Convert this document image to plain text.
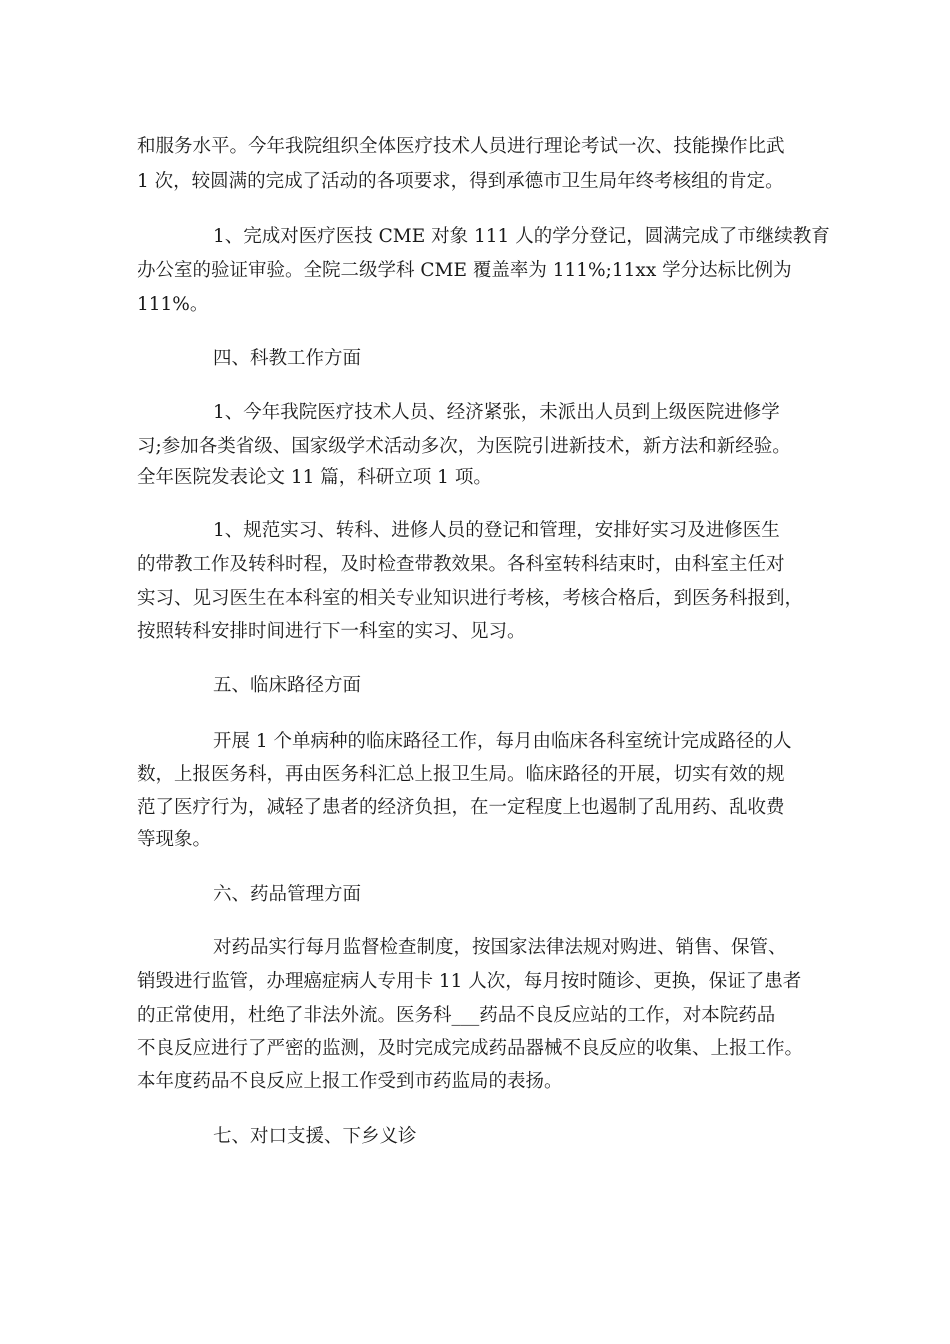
和服务水平。今年我院组织全体医疗技术人员进行理论考试一次、技能操作比武
1 次，较圆满的完成了活动的各项要求，得到承德市卫生局年终考核组的肯定。
1、完成对医疗医技 CME 对象 111 人的学分登记，圆满完成了市继续教育
办公室的验证审验。全院二级学科 CME 覆盖率为 111%;11xx 学分达标比例为
111%。
四、科教工作方面
1、今年我院医疗技术人员、经济紧张，未派出人员到上级医院进修学
习;参加各类省级、国家级学术活动多次，为医院引进新技术，新方法和新经验。
全年医院发表论文 11 篇，科研立项 1 项。
1、规范实习、转科、进修人员的登记和管理，安排好实习及进修医生
的带教工作及转科时程，及时检查带教效果。各科室转科结束时，由科室主任对
实习、见习医生在本科室的相关专业知识进行考核，考核合格后，到医务科报到，
按照转科安排时间进行下一科室的实习、见习。
五、临床路径方面
开展 1 个单病种的临床路径工作，每月由临床各科室统计完成路径的人
数，上报医务科，再由医务科汇总上报卫生局。临床路径的开展，切实有效的规
范了医疗行为，减轻了患者的经济负担，在一定程度上也遏制了乱用药、乱收费
等现象。
六、药品管理方面
对药品实行每月监督检查制度，按国家法律法规对购进、销售、保管、
销毁进行监管，办理癌症病人专用卡 11 人次，每月按时随诊、更换，保证了患者
的正常使用，杜绝了非法外流。医务科___药品不良反应站的工作，对本院药品
不良反应进行了严密的监测，及时完成完成药品器械不良反应的收集、上报工作。
本年度药品不良反应上报工作受到市药监局的表扬。
七、对口支援、下乡义诊
